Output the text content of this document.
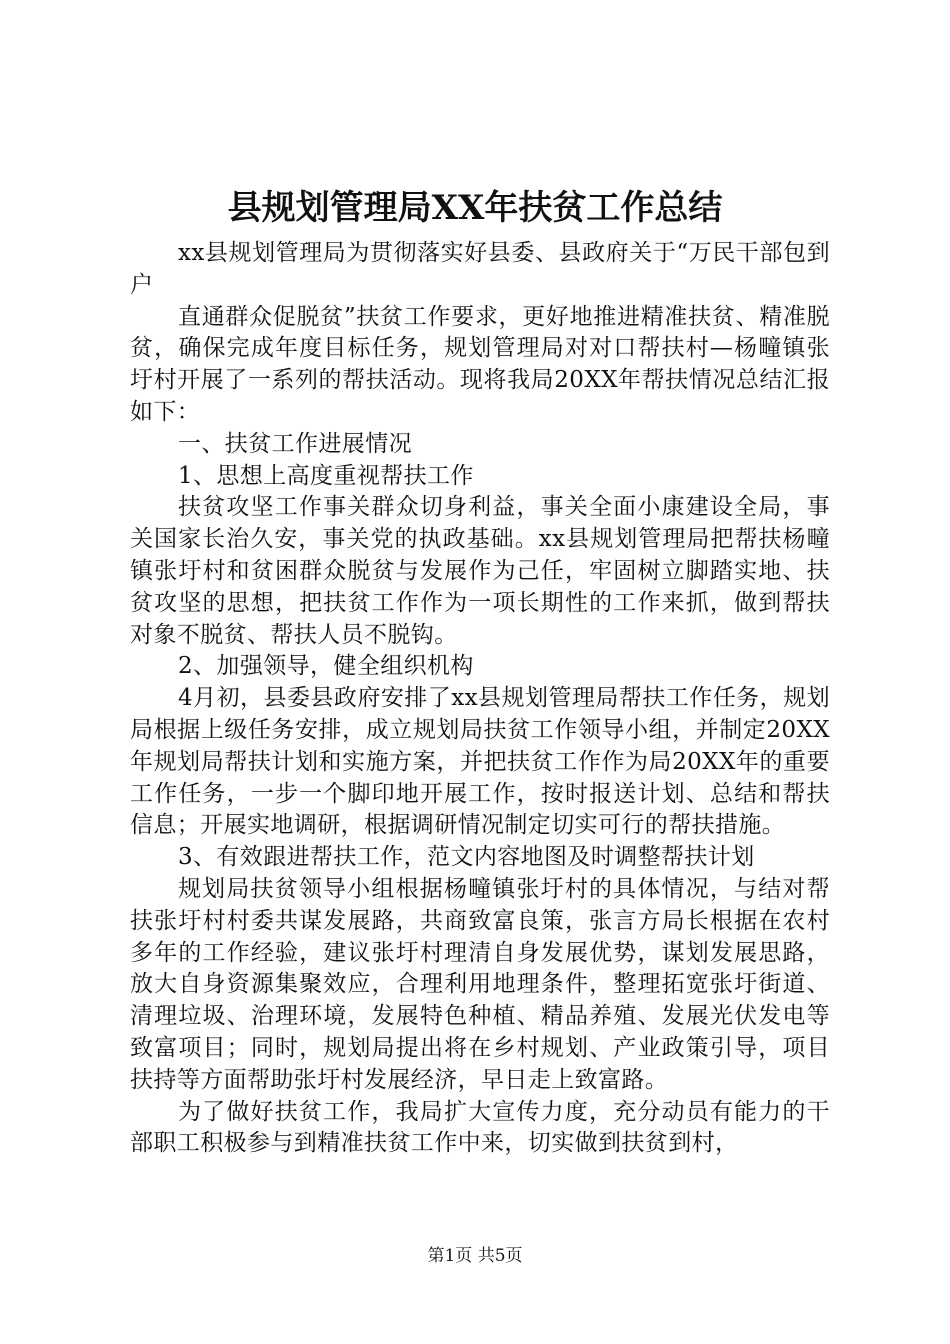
县规划管理局XX年扶贫工作总结

xx县规划管理局为贯彻落实好县委、县政府关于“万民干部包到户

直通群众促脱贫”扶贫工作要求，更好地推进精准扶贫、精准脱贫，确保完成年度目标任务，规划管理局对对口帮扶村—杨疃镇张圩村开展了一系列的帮扶活动。现将我局20XX年帮扶情况总结汇报如下：

一、扶贫工作进展情况

1、思想上高度重视帮扶工作

扶贫攻坚工作事关群众切身利益，事关全面小康建设全局，事关国家长治久安，事关党的执政基础。xx县规划管理局把帮扶杨疃镇张圩村和贫困群众脱贫与发展作为己任，牢固树立脚踏实地、扶贫攻坚的思想，把扶贫工作作为一项长期性的工作来抓，做到帮扶对象不脱贫、帮扶人员不脱钩。

2、加强领导，健全组织机构

4月初，县委县政府安排了xx县规划管理局帮扶工作任务，规划局根据上级任务安排，成立规划局扶贫工作领导小组，并制定20XX年规划局帮扶计划和实施方案，并把扶贫工作作为局20XX年的重要工作任务，一步一个脚印地开展工作，按时报送计划、总结和帮扶信息；开展实地调研，根据调研情况制定切实可行的帮扶措施。

3、有效跟进帮扶工作，范文内容地图及时调整帮扶计划

规划局扶贫领导小组根据杨疃镇张圩村的具体情况，与结对帮扶张圩村村委共谋发展路，共商致富良策，张言方局长根据在农村多年的工作经验，建议张圩村理清自身发展优势，谋划发展思路，放大自身资源集聚效应，合理利用地理条件，整理拓宽张圩街道、清理垃圾、治理环境，发展特色种植、精品养殖、发展光伏发电等致富项目；同时，规划局提出将在乡村规划、产业政策引导，项目扶持等方面帮助张圩村发展经济，早日走上致富路。

为了做好扶贫工作，我局扩大宣传力度，充分动员有能力的干部职工积极参与到精准扶贫工作中来，切实做到扶贫到村，

第1页 共5页
